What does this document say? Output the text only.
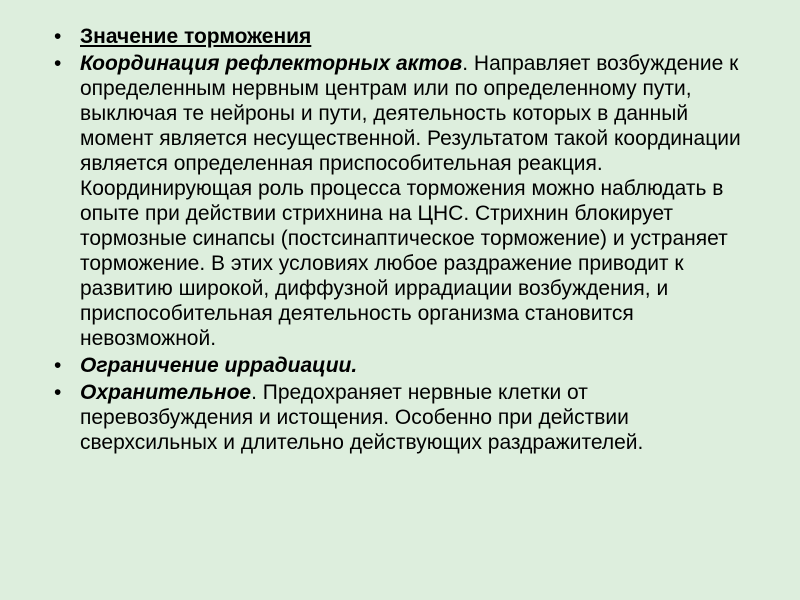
• Значение торможения
• Координация рефлекторных актов. Направляет возбуждение к определенным нервным центрам или по определенному пути, выключая те нейроны и пути, деятельность которых в данный момент является несущественной. Результатом такой координации является определенная приспособительная реакция. Координирующая роль процесса торможения можно наблюдать в опыте при действии стрихнина на ЦНС. Стрихнин блокирует тормозные синапсы (постсинаптическое торможение) и устраняет торможение. В этих условиях любое раздражение приводит к развитию широкой, диффузной иррадиации возбуждения, и приспособительная деятельность организма становится невозможной.
• Ограничение иррадиации.
• Охранительное. Предохраняет нервные клетки от перевозбуждения и истощения. Особенно при действии сверхсильных и длительно действующих раздражителей.
